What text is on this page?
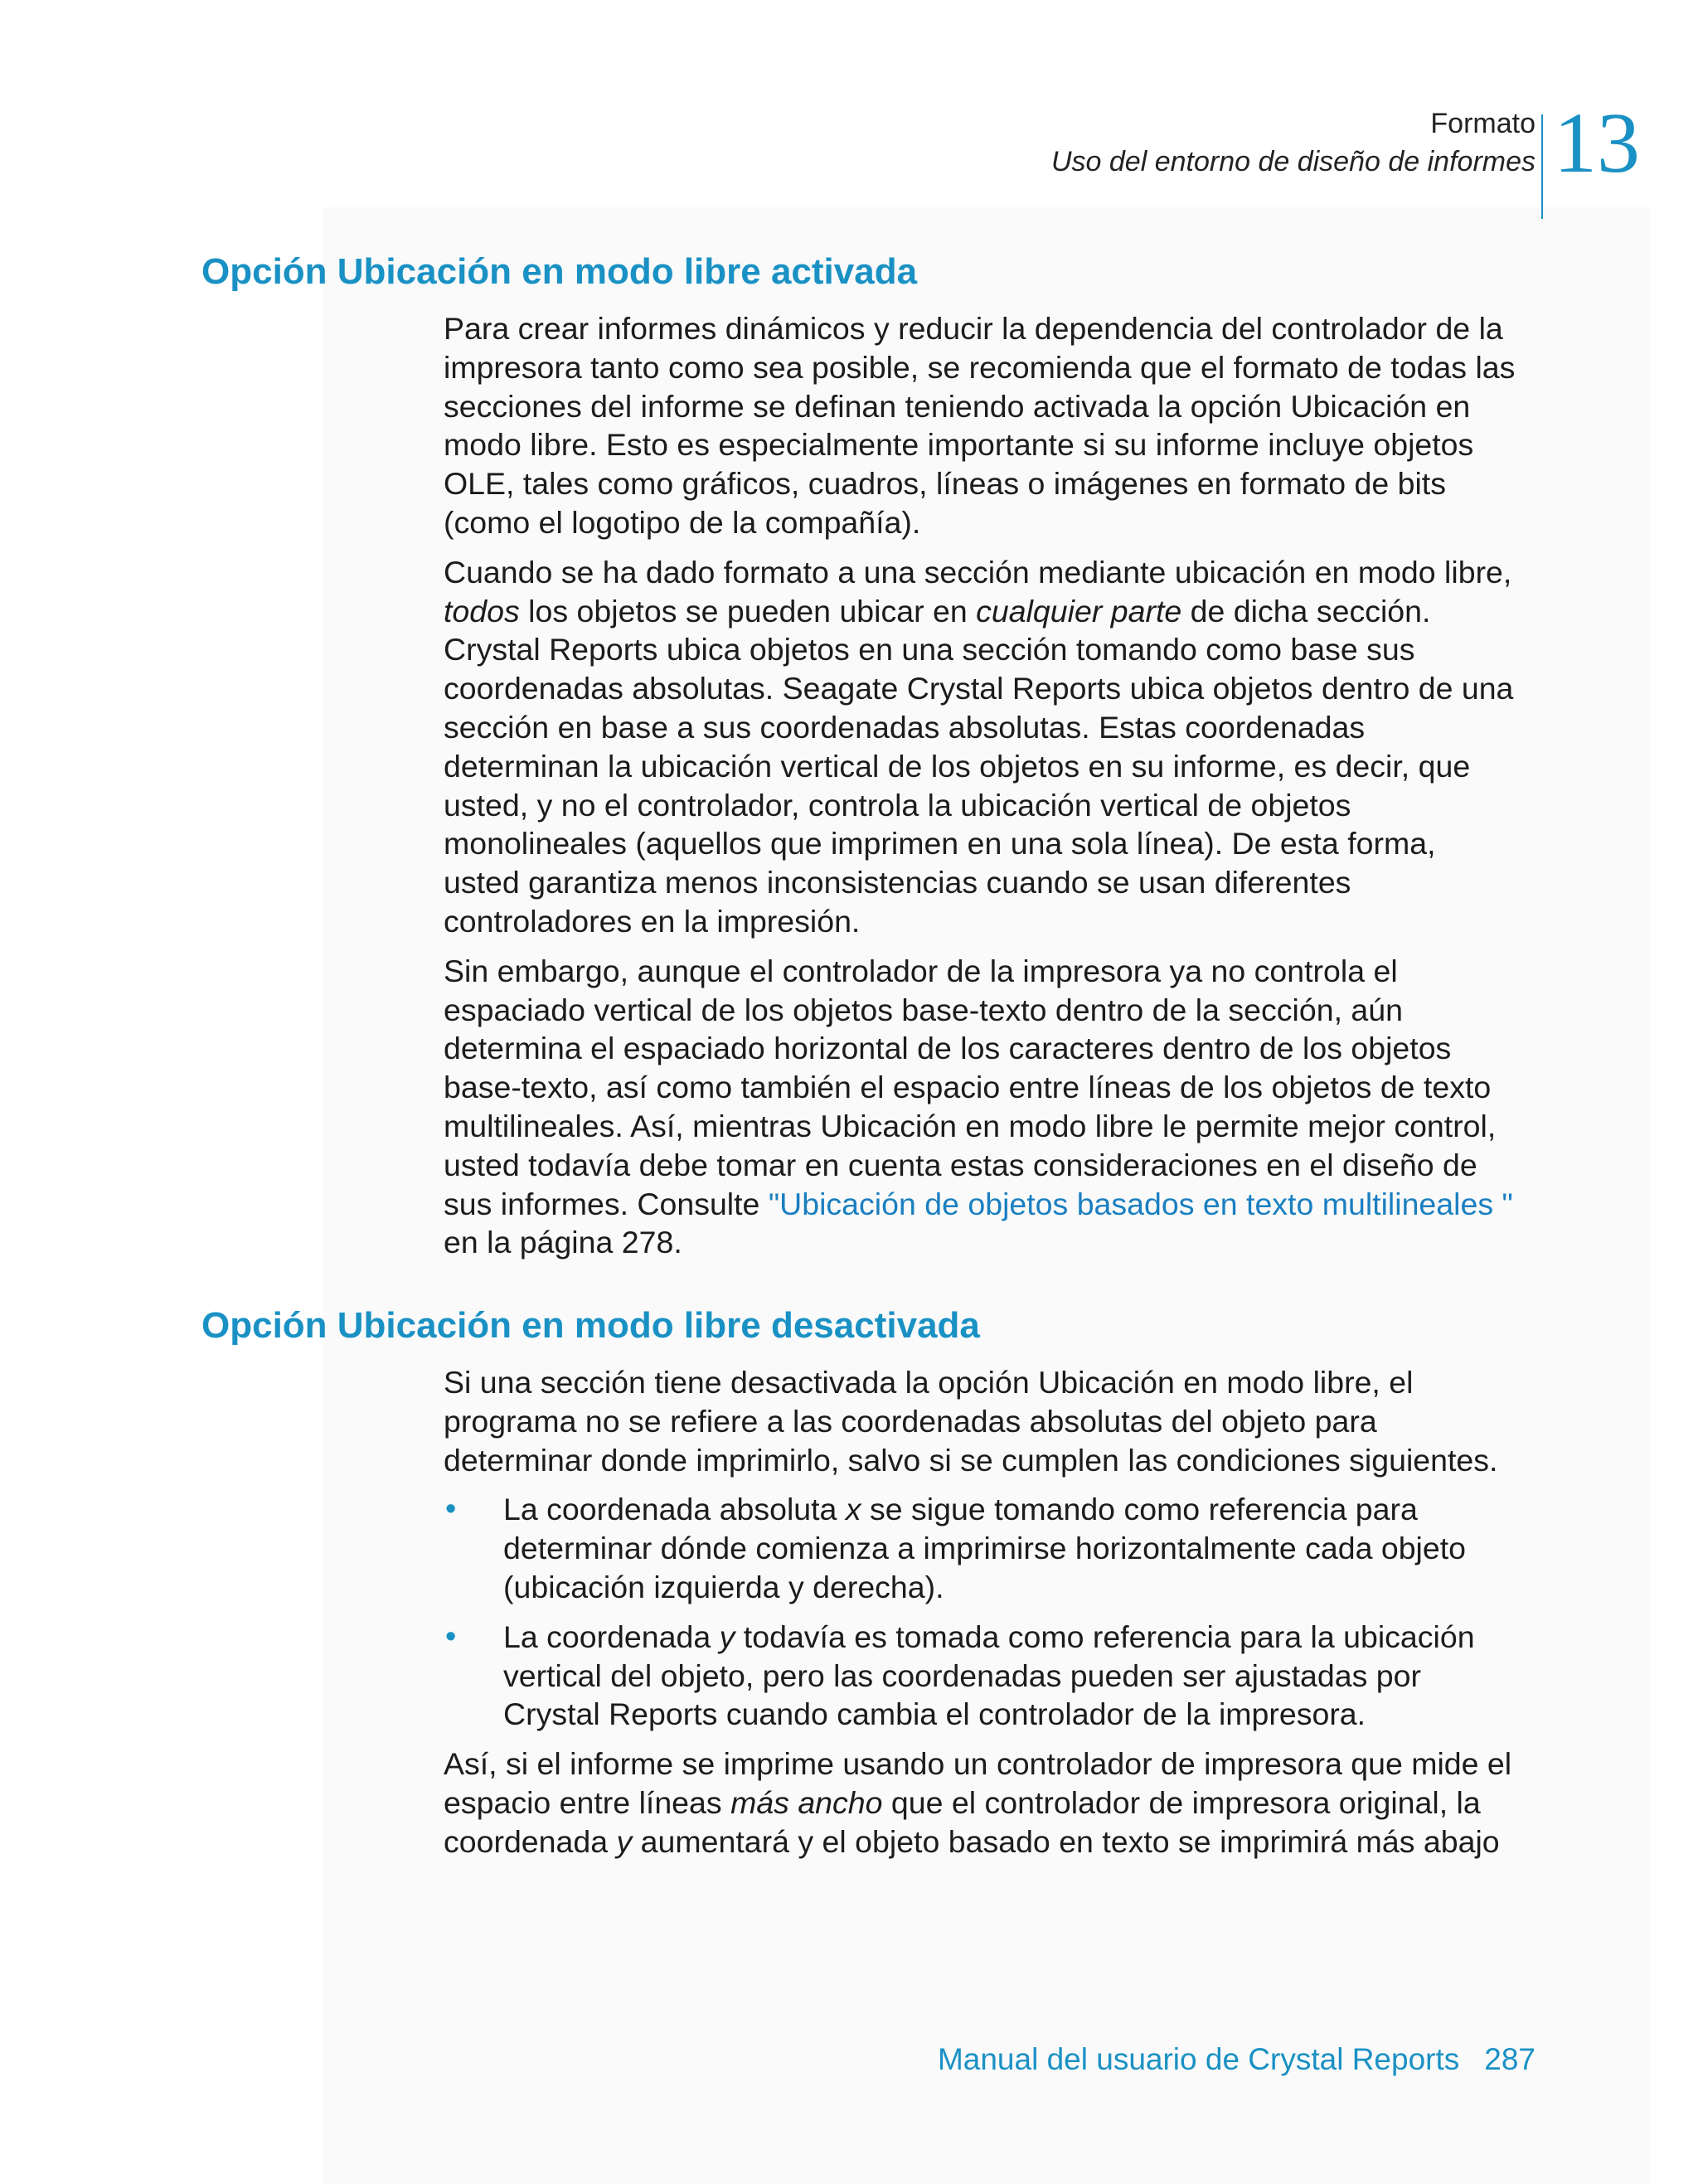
Formato
Uso del entorno de diseño de informes 13
Opción Ubicación en modo libre activada

Para crear informes dinámicos y reducir la dependencia del controlador de la
impresora tanto como sea posible, se recomienda que el formato de todas las
secciones del informe se definan teniendo activada la opción Ubicación en
modo libre. Esto es especialmente importante si su informe incluye objetos
OLE, tales como gráficos, cuadros, líneas o imágenes en formato de bits
(como el logotipo de la compañía).

Cuando se ha dado formato a una sección mediante ubicación en modo libre,
todos los objetos se pueden ubicar en cualquier parte de dicha sección.
Crystal Reports ubica objetos en una sección tomando como base sus
coordenadas absolutas. Seagate Crystal Reports ubica objetos dentro de una
sección en base a sus coordenadas absolutas. Estas coordenadas
determinan la ubicación vertical de los objetos en su informe, es decir, que
usted, y no el controlador, controla la ubicación vertical de objetos
monolineales (aquellos que imprimen en una sola línea). De esta forma,
usted garantiza menos inconsistencias cuando se usan diferentes
controladores en la impresión.

Sin embargo, aunque el controlador de la impresora ya no controla el
espaciado vertical de los objetos base-texto dentro de la sección, aún
determina el espaciado horizontal de los caracteres dentro de los objetos
base-texto, así como también el espacio entre líneas de los objetos de texto
multilineales. Así, mientras Ubicación en modo libre le permite mejor control,
usted todavía debe tomar en cuenta estas consideraciones en el diseño de
sus informes. Consulte "Ubicación de objetos basados en texto multilineales "
en la página 278.

Opción Ubicación en modo libre desactivada

Si una sección tiene desactivada la opción Ubicación en modo libre, el
programa no se refiere a las coordenadas absolutas del objeto para
determinar donde imprimirlo, salvo si se cumplen las condiciones siguientes.

• La coordenada absoluta x se sigue tomando como referencia para
determinar dónde comienza a imprimirse horizontalmente cada objeto
(ubicación izquierda y derecha).
• La coordenada y todavía es tomada como referencia para la ubicación
vertical del objeto, pero las coordenadas pueden ser ajustadas por
Crystal Reports cuando cambia el controlador de la impresora.

Así, si el informe se imprime usando un controlador de impresora que mide el
espacio entre líneas más ancho que el controlador de impresora original, la
coordenada y aumentará y el objeto basado en texto se imprimirá más abajo

Manual del usuario de Crystal Reports 287
